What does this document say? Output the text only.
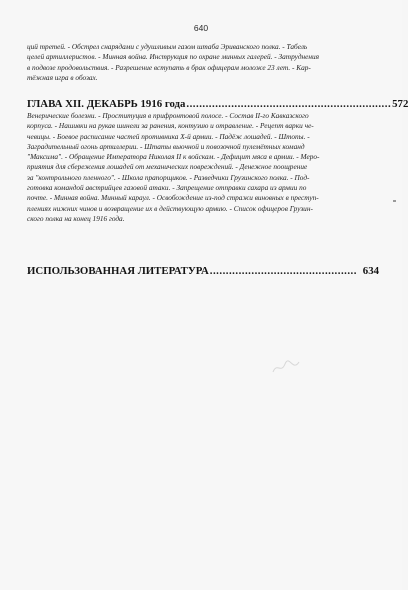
640
ций третей. - Обстрел снарядами с удушливым газом штаба Эриванского полка. - Табель
целей артиллеристов. - Минная война. Инструкция по охране минных галерей. - Затруднения
в подвозе продовольствия. - Разрешение вступать в брак офицерам моложе 23 лет. - Кар-
тёжная игра в обозах.
ГЛАВА XII. ДЕКАБРЬ 1916 года ................................................................ 572
Венерические болезни. - Проституция в прифронтовой полосе. - Состав II-го Кавказского
корпуса. - Нашивки на рукав шинели за ранения, контузию и отравление. - Рецепт варки че-
чевицы. - Боевое расписание частей противника Х-й армии. - Падёж лошадей. - Штопы. -
Заградительный огонь артиллерии. - Штаты вьючной и повозочной пулемётных команд
"Максима". - Обращение Императора Николая II к войскам. - Дефицит мяса в армии. - Меро-
приятия для сбережения лошадей от механических повреждений. - Денежное поощрение
за "контрольного пленного". - Школа прапорщиков. - Разведчики Грузинского полка. - Под-
готовка командой австрийцев газовой атаки. - Запрещение отправки сахара из армии по
почте. - Минная война. Минный караул. - Освобождение из-под стражи виновных в преступ-
плениях нижних чинов и возвращение их в действующую армию. - Список офицеров Грузин-
ского полка на конец 1916 года.
ИСПОЛЬЗОВАННАЯ ЛИТЕРАТУРА .............................................. 634
